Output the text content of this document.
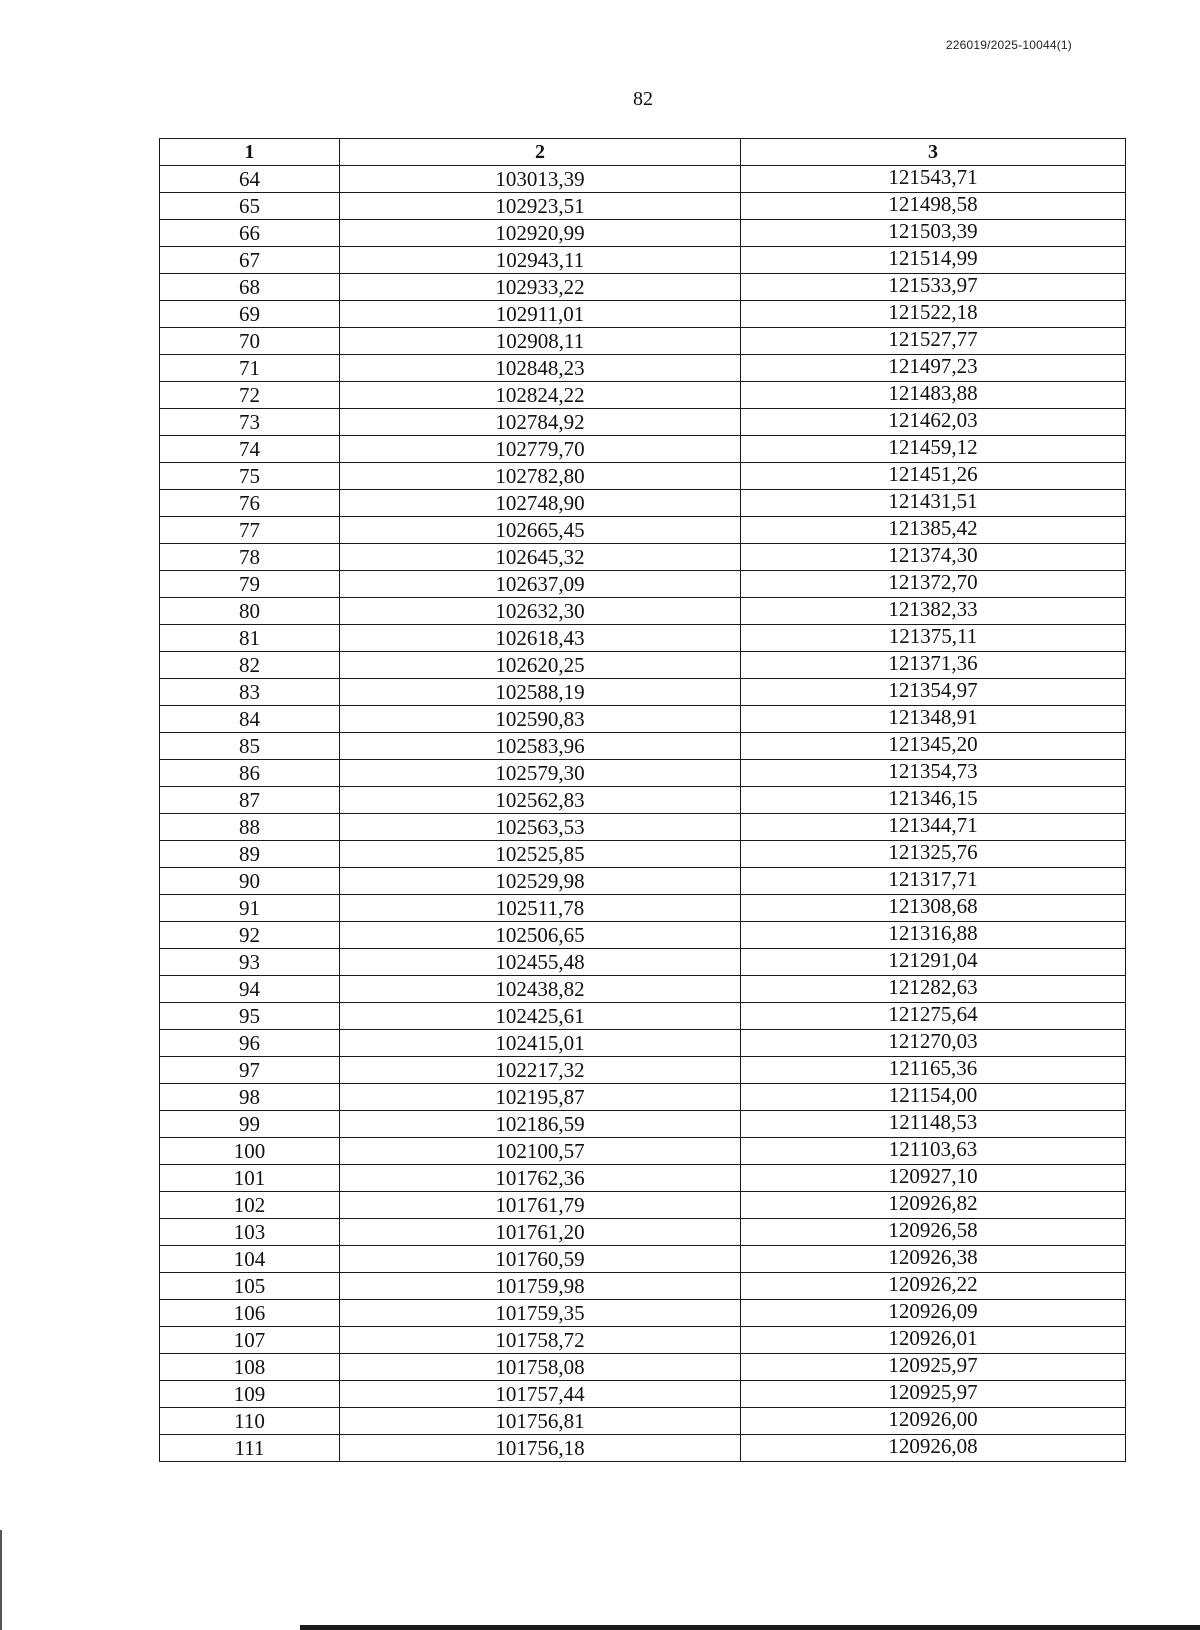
226019/2025-10044(1)
82
1	2	3
64	103013,39	121543,71
65	102923,51	121498,58
66	102920,99	121503,39
67	102943,11	121514,99
68	102933,22	121533,97
69	102911,01	121522,18
70	102908,11	121527,77
71	102848,23	121497,23
72	102824,22	121483,88
73	102784,92	121462,03
74	102779,70	121459,12
75	102782,80	121451,26
76	102748,90	121431,51
77	102665,45	121385,42
78	102645,32	121374,30
79	102637,09	121372,70
80	102632,30	121382,33
81	102618,43	121375,11
82	102620,25	121371,36
83	102588,19	121354,97
84	102590,83	121348,91
85	102583,96	121345,20
86	102579,30	121354,73
87	102562,83	121346,15
88	102563,53	121344,71
89	102525,85	121325,76
90	102529,98	121317,71
91	102511,78	121308,68
92	102506,65	121316,88
93	102455,48	121291,04
94	102438,82	121282,63
95	102425,61	121275,64
96	102415,01	121270,03
97	102217,32	121165,36
98	102195,87	121154,00
99	102186,59	121148,53
100	102100,57	121103,63
101	101762,36	120927,10
102	101761,79	120926,82
103	101761,20	120926,58
104	101760,59	120926,38
105	101759,98	120926,22
106	101759,35	120926,09
107	101758,72	120926,01
108	101758,08	120925,97
109	101757,44	120925,97
110	101756,81	120926,00
111	101756,18	120926,08
